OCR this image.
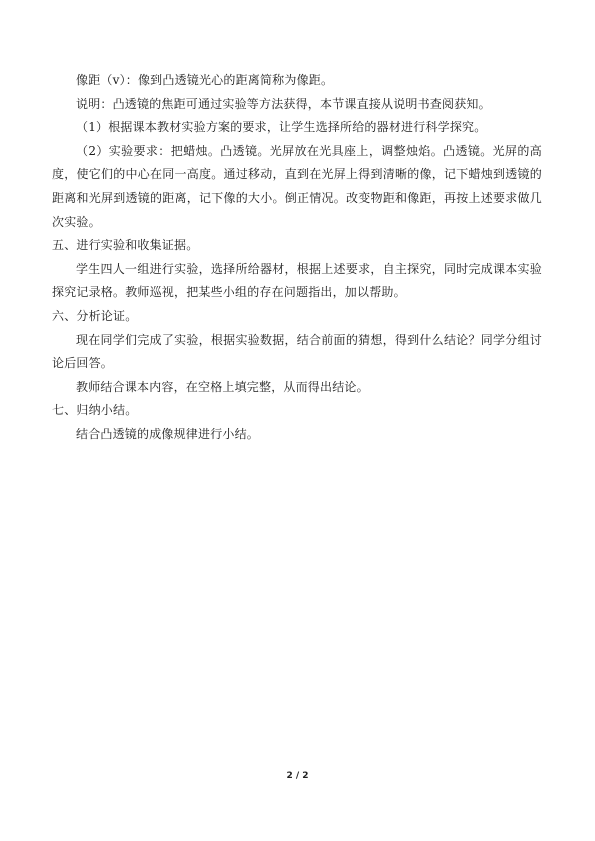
像距（v）：像到凸透镜光心的距离简称为像距。

说明：凸透镜的焦距可通过实验等方法获得，本节课直接从说明书查阅获知。

（1）根据课本教材实验方案的要求，让学生选择所给的器材进行科学探究。

（2）实验要求：把蜡烛。凸透镜。光屏放在光具座上，调整烛焰。凸透镜。光屏的高度，使它们的中心在同一高度。通过移动，直到在光屏上得到清晰的像，记下蜡烛到透镜的距离和光屏到透镜的距离，记下像的大小。倒正情况。改变物距和像距，再按上述要求做几次实验。

五、进行实验和收集证据。

学生四人一组进行实验，选择所给器材，根据上述要求，自主探究，同时完成课本实验探究记录格。教师巡视，把某些小组的存在问题指出，加以帮助。

六、分析论证。

现在同学们完成了实验，根据实验数据，结合前面的猜想，得到什么结论？同学分组讨论后回答。

教师结合课本内容，在空格上填完整，从而得出结论。

七、归纳小结。

结合凸透镜的成像规律进行小结。

2 / 2
